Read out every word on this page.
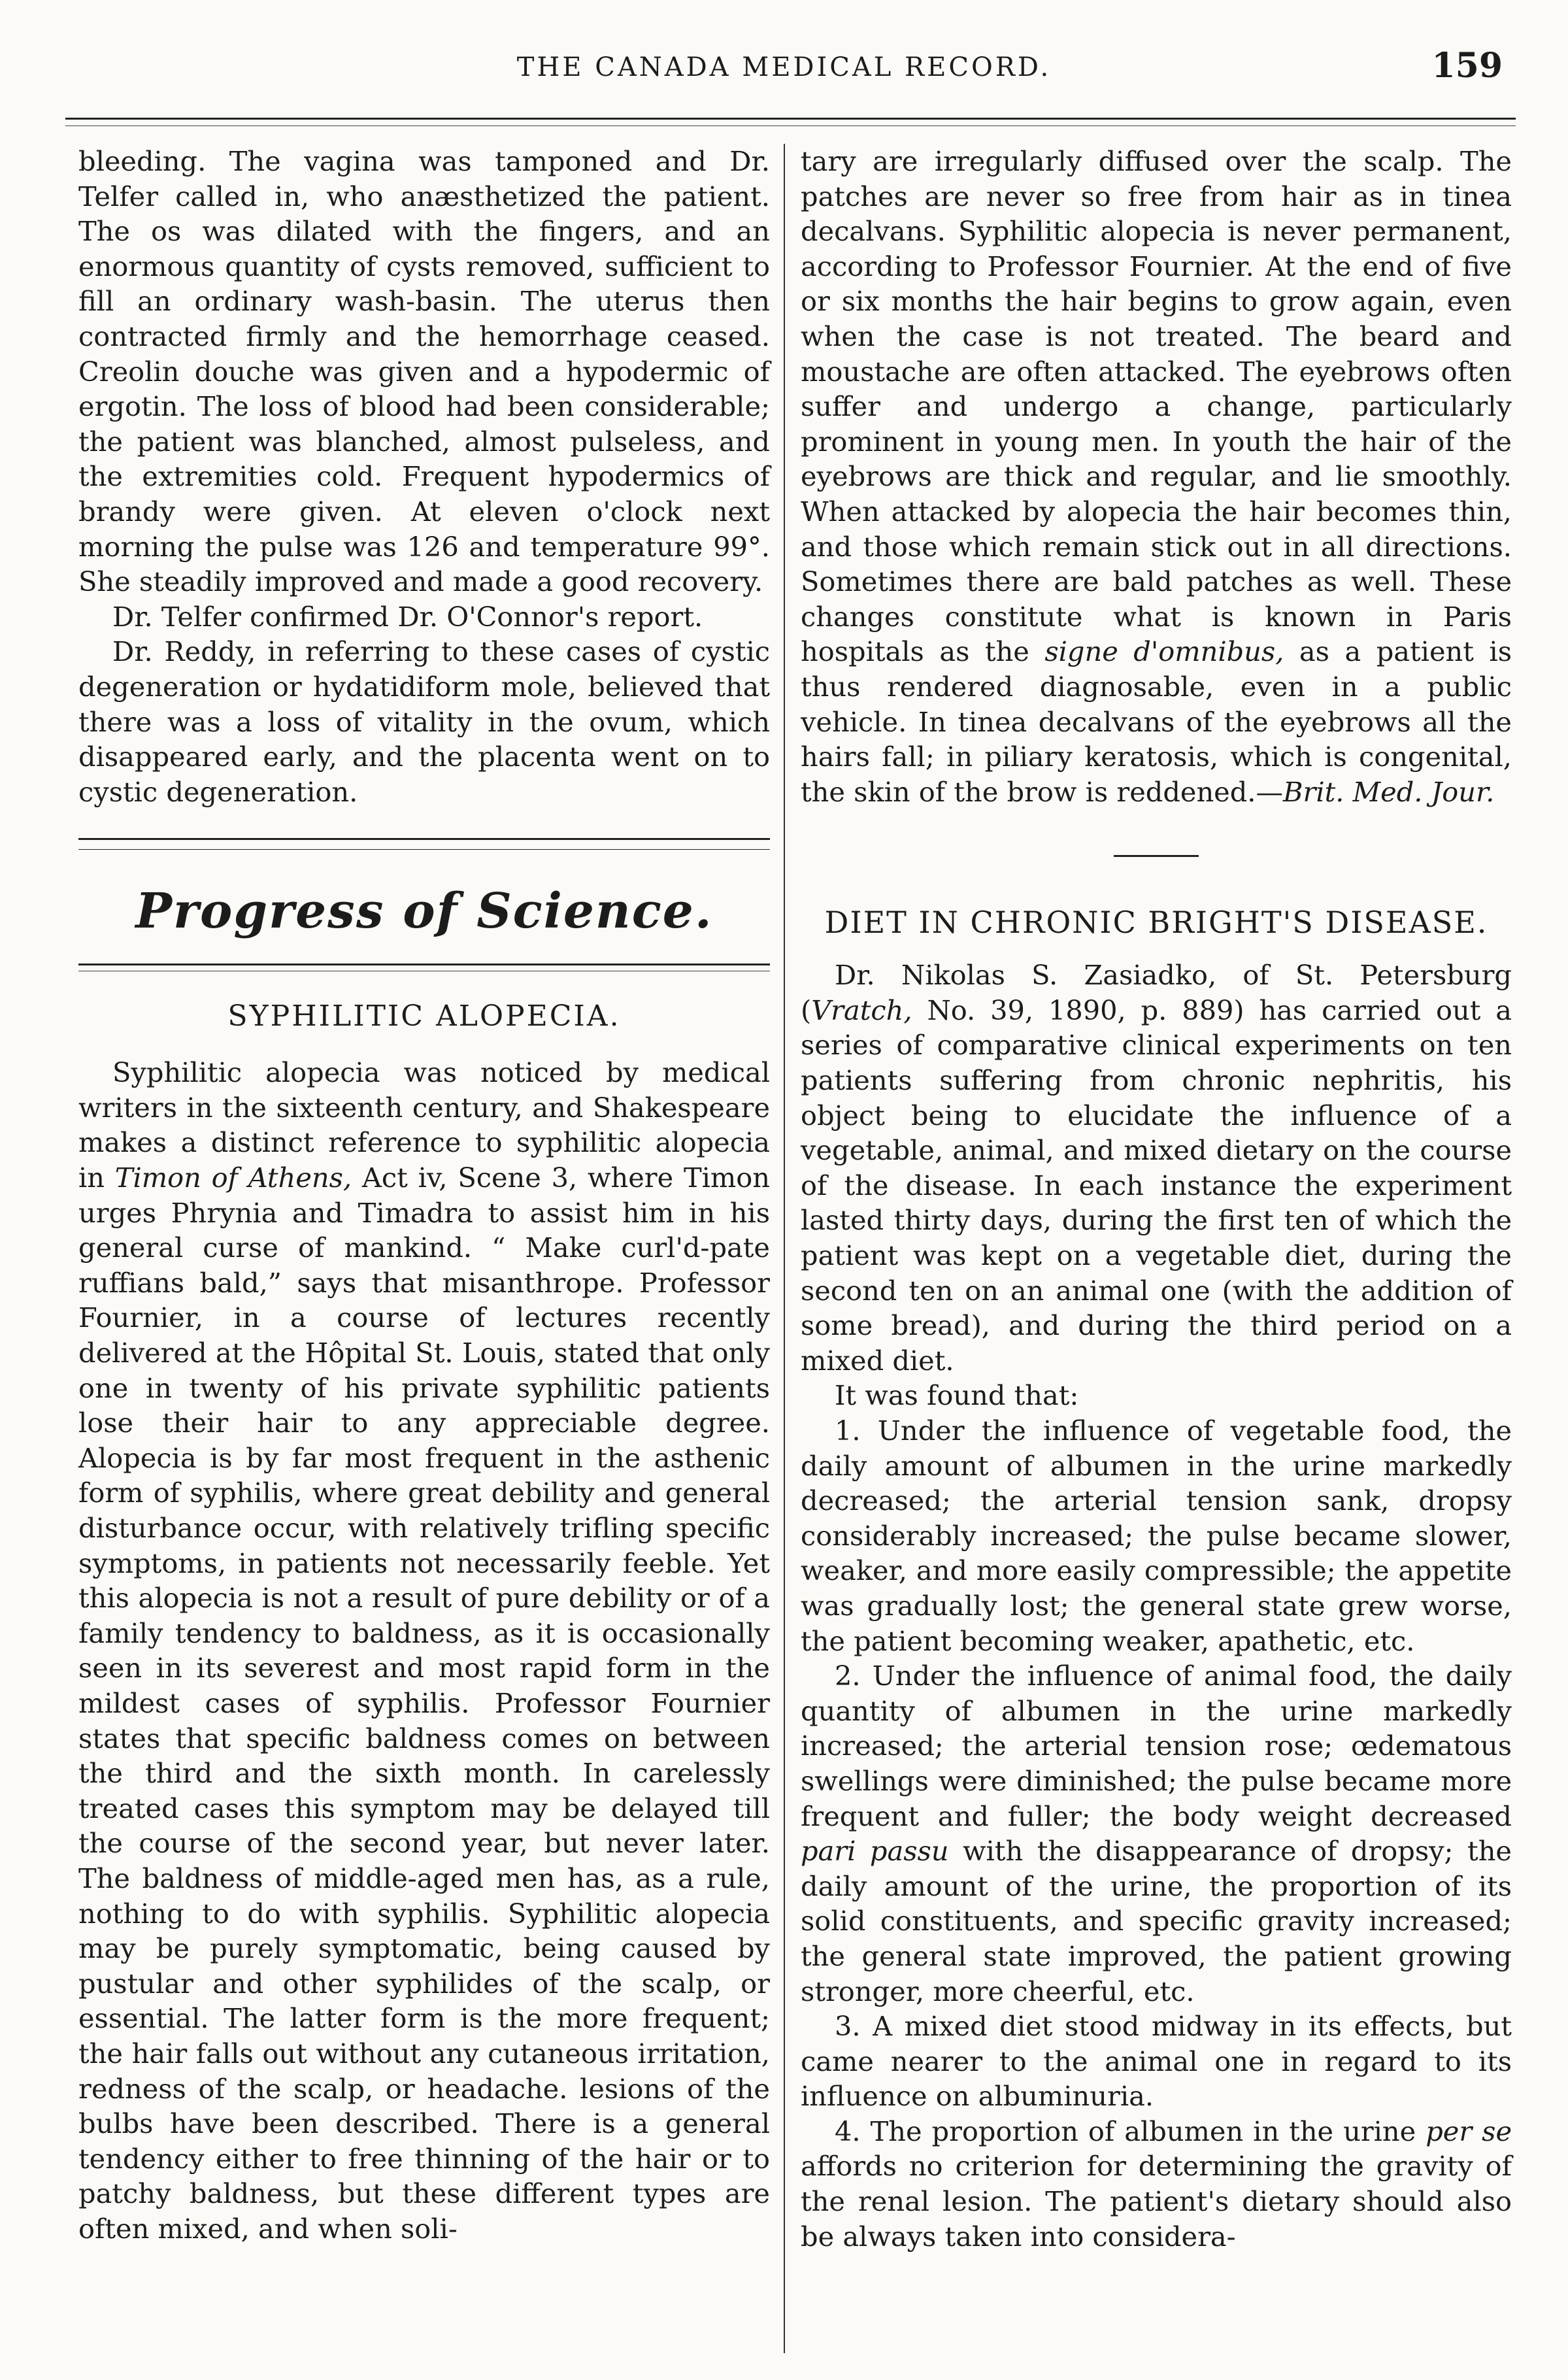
THE CANADA MEDICAL RECORD.	159

bleeding. The vagina was tamponed and Dr. Telfer called in, who anæsthetized the patient. The os was dilated with the fingers, and an enormous quantity of cysts removed, sufficient to fill an ordinary wash-basin. The uterus then contracted firmly and the hemorrhage ceased. Creolin douche was given and a hypodermic of ergotin. The loss of blood had been considerable; the patient was blanched, almost pulseless, and the extremities cold. Frequent hypodermics of brandy were given. At eleven o'clock next morning the pulse was 126 and temperature 99°. She steadily improved and made a good recovery.

Dr. Telfer confirmed Dr. O'Connor's report.

Dr. Reddy, in referring to these cases of cystic degeneration or hydatidiform mole, believed that there was a loss of vitality in the ovum, which disappeared early, and the placenta went on to cystic degeneration.

Progress of Science.
SYPHILITIC ALOPECIA.

Syphilitic alopecia was noticed by medical writers in the sixteenth century, and Shakespeare makes a distinct reference to syphilitic alopecia in Timon of Athens, Act iv, Scene 3, where Timon urges Phrynia and Timadra to assist him in his general curse of mankind. “ Make curl'd-pate ruffians bald,” says that misanthrope. Professor Fournier, in a course of lectures recently delivered at the Hôpital St. Louis, stated that only one in twenty of his private syphilitic patients lose their hair to any appreciable degree. Alopecia is by far most frequent in the asthenic form of syphilis, where great debility and general disturbance occur, with relatively trifling specific symptoms, in patients not necessarily feeble. Yet this alopecia is not a result of pure debility or of a family tendency to baldness, as it is occasionally seen in its severest and most rapid form in the mildest cases of syphilis. Professor Fournier states that specific baldness comes on between the third and the sixth month. In carelessly treated cases this symptom may be delayed till the course of the second year, but never later. The baldness of middle-aged men has, as a rule, nothing to do with syphilis. Syphilitic alopecia may be purely symptomatic, being caused by pustular and other syphilides of the scalp, or essential. The latter form is the more frequent; the hair falls out without any cutaneous irritation, redness of the scalp, or headache. lesions of the bulbs have been described. There is a general tendency either to free thinning of the hair or to patchy baldness, but these different types are often mixed, and when soli-

tary are irregularly diffused over the scalp. The patches are never so free from hair as in tinea decalvans. Syphilitic alopecia is never permanent, according to Professor Fournier. At the end of five or six months the hair begins to grow again, even when the case is not treated. The beard and moustache are often attacked. The eyebrows often suffer and undergo a change, particularly prominent in young men. In youth the hair of the eyebrows are thick and regular, and lie smoothly. When attacked by alopecia the hair becomes thin, and those which remain stick out in all directions. Sometimes there are bald patches as well. These changes constitute what is known in Paris hospitals as the signe d'omnibus, as a patient is thus rendered diagnosable, even in a public vehicle. In tinea decalvans of the eyebrows all the hairs fall; in piliary keratosis, which is congenital, the skin of the brow is reddened.—Brit. Med. Jour.

DIET IN CHRONIC BRIGHT'S DISEASE.

Dr. Nikolas S. Zasiadko, of St. Petersburg (Vratch, No. 39, 1890, p. 889) has carried out a series of comparative clinical experiments on ten patients suffering from chronic nephritis, his object being to elucidate the influence of a vegetable, animal, and mixed dietary on the course of the disease. In each instance the experiment lasted thirty days, during the first ten of which the patient was kept on a vegetable diet, during the second ten on an animal one (with the addition of some bread), and during the third period on a mixed diet.

It was found that:

1. Under the influence of vegetable food, the daily amount of albumen in the urine markedly decreased; the arterial tension sank, dropsy considerably increased; the pulse became slower, weaker, and more easily compressible; the appetite was gradually lost; the general state grew worse, the patient becoming weaker, apathetic, etc.

2. Under the influence of animal food, the daily quantity of albumen in the urine markedly increased; the arterial tension rose; œdematous swellings were diminished; the pulse became more frequent and fuller; the body weight decreased pari passu with the disappearance of dropsy; the daily amount of the urine, the proportion of its solid constituents, and specific gravity increased; the general state improved, the patient growing stronger, more cheerful, etc.

3. A mixed diet stood midway in its effects, but came nearer to the animal one in regard to its influence on albuminuria.

4. The proportion of albumen in the urine per se affords no criterion for determining the gravity of the renal lesion. The patient's dietary should also be always taken into considera-
